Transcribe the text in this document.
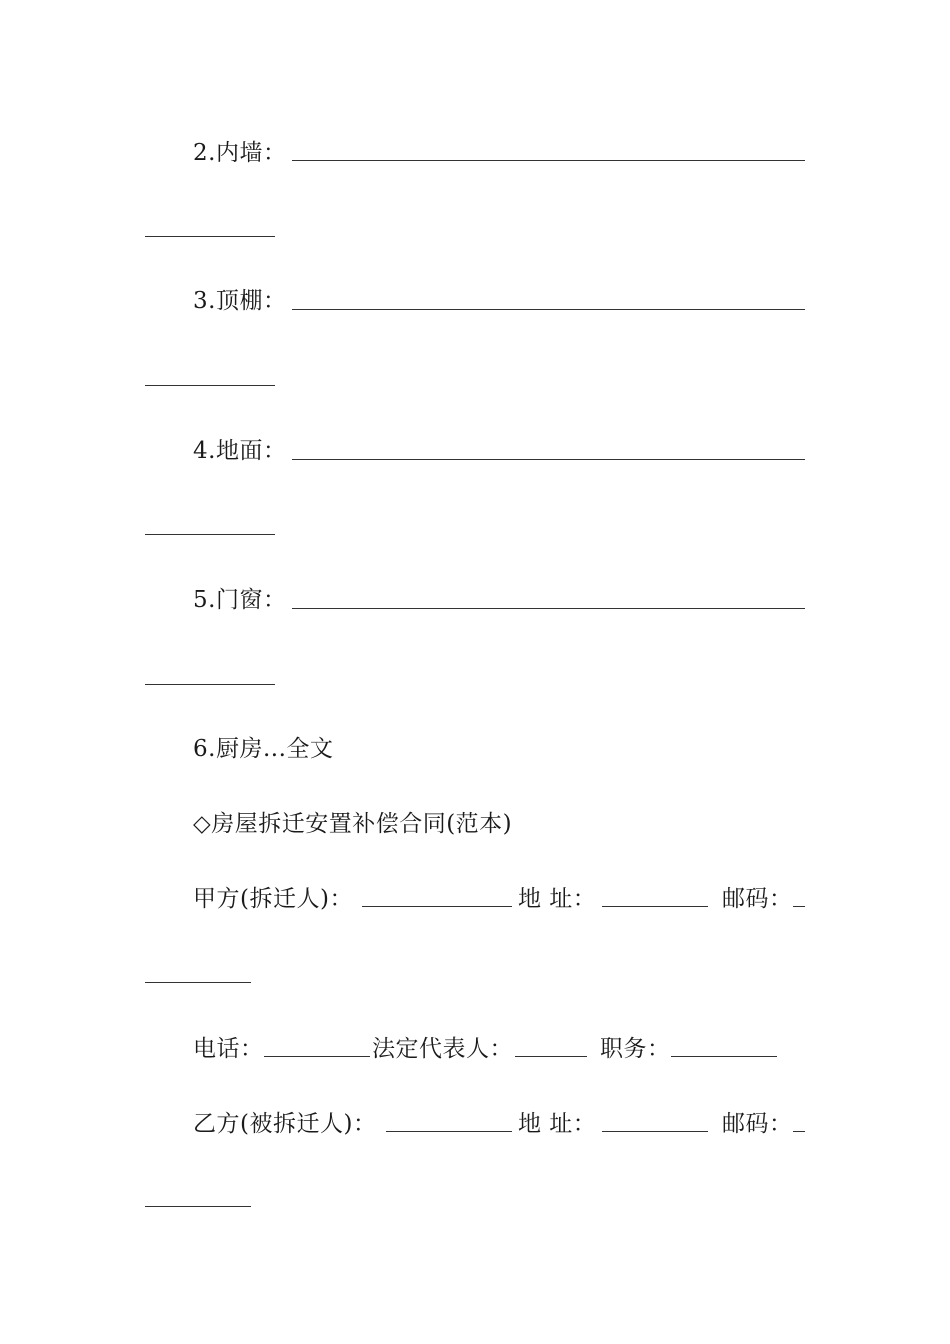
2.内墙：
3.顶棚：
4.地面：
5.门窗：
6.厨房...全文
◇房屋拆迁安置补偿合同(范本)
甲方(拆迁人)：	地 址：	邮码：
电话：	法定代表人：	职务：
乙方(被拆迁人)：	地 址：	邮码：
